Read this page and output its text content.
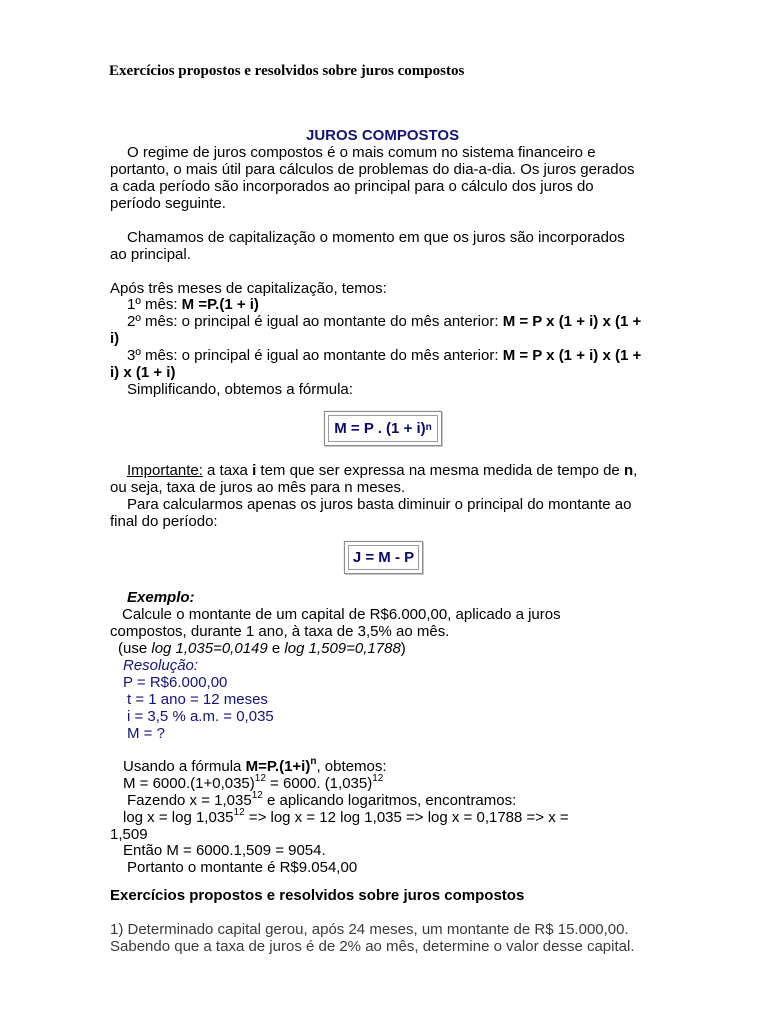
Exercícios propostos e resolvidos sobre juros compostos
JUROS COMPOSTOS
O regime de juros compostos é o mais comum no sistema financeiro e
portanto, o mais útil para cálculos de problemas do dia-a-dia. Os juros gerados
a cada período são incorporados ao principal para o cálculo dos juros do
período seguinte.
Chamamos de capitalização o momento em que os juros são incorporados
ao principal.
Após três meses de capitalização, temos:
1º mês: M =P.(1 + i)
2º mês: o principal é igual ao montante do mês anterior: M = P x (1 + i) x (1 +
i)
3º mês: o principal é igual ao montante do mês anterior: M = P x (1 + i) x (1 +
i) x (1 + i)
Simplificando, obtemos a fórmula:
M = P . $(1 + i)^n$
Importante: a taxa i tem que ser expressa na mesma medida de tempo de n,
ou seja, taxa de juros ao mês para n meses.
Para calcularmos apenas os juros basta diminuir o principal do montante ao
final do período:
J = M - P
Exemplo:
Calcule o montante de um capital de R$6.000,00, aplicado a juros
compostos, durante 1 ano, à taxa de 3,5% ao mês.
(use log 1,035=0,0149 e log 1,509=0,1788)
Resolução:
P = R$6.000,00
t = 1 ano = 12 meses
i = 3,5 % a.m. = 0,035
M = ?
Usando a fórmula $M=P.(1+i)^n$, obtemos:
$M = 6000.(1+0,035)^{12} = 6000$. $(1,035)^{12}$
Fazendo $x = 1,035^{12}$ e aplicando logaritmos, encontramos:
$\log x = \log 1,035^{12} => \log x = 12$ log 1,035 => log x = 0,1788 => x =
1,509
Então M = 6000.1,509 = 9054.
Portanto o montante é R$9.054,00
Exercícios propostos e resolvidos sobre juros compostos
1) Determinado capital gerou, após 24 meses, um montante de R$ 15.000,00.
Sabendo que a taxa de juros é de 2% ao mês, determine o valor desse capital.
